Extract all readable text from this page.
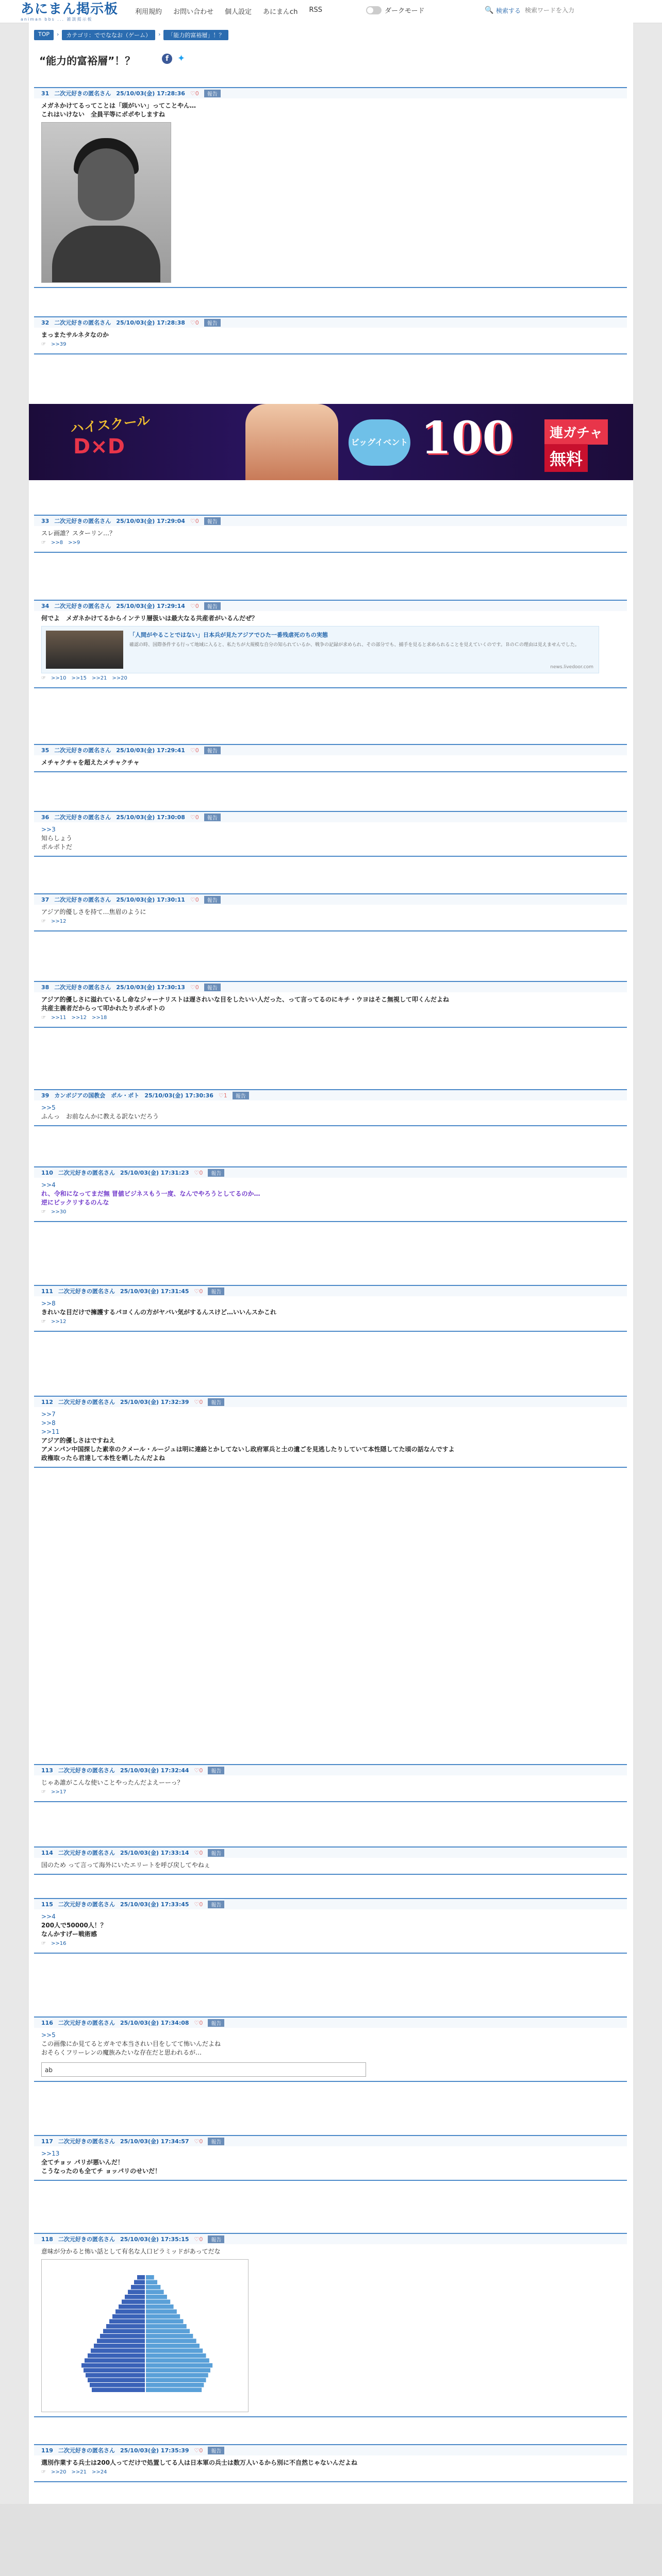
あにまん掲示板
animan bbs ... 雑談掲示板
利用規約 お問い合わせ 個人設定 あにまんch RSS	ダークモード	🔍 検索する
検索ワードを入力
TOP	›	カテゴリ：ででななお（ゲーム）	›	「能力的富裕層」！？
“能力的富裕層”！？	f ✦
31 二次元好きの匿名さん 25/10/03(金) 17:28:36 ♡0	報告
メガネかけてるってことは「頭がいい」ってことやん…
これはいけない　全員平等にポポやしますね
32 二次元好きの匿名さん 25/10/03(金) 17:28:38 ♡0	報告
まっまたサルネタなのか
☞ >>39
33 二次元好きの匿名さん 25/10/03(金) 17:29:04 ♡0	報告
スレ画誰？スターリン…？
☞ >>8 >>9
34 二次元好きの匿名さん 25/10/03(金) 17:29:14 ♡0	報告
何でよ　メガネかけてるからインテリ層扱いは最大なる共産者がいるんだぜ？
「人間がやることではない」日本兵が見たアジアでひた一番残虐死のちの実態
確認の時、国際条件する行って地域に入ると、私たちが大規模な自分の知られているか、戦争の記録が求められ、その部分でも、捕手を見ると求められることを見えていくのです。ＢのＣの理由は見えませんでした。
news.livedoor.com
☞ >>10 >>15 >>21 >>20
35 二次元好きの匿名さん 25/10/03(金) 17:29:41 ♡0	報告
メチャクチャを超えたメチャクチャ
36 二次元好きの匿名さん 25/10/03(金) 17:30:08 ♡0	報告
>>3
知らしょう
ポルポトだ
37 二次元好きの匿名さん 25/10/03(金) 17:30:11 ♡0	報告
アジア的優しさを持て…焦眉のように
☞ >>12
38 二次元好きの匿名さん 25/10/03(金) 17:30:13 ♡0	報告
アジア的優しさに溢れているし命なジャーナリストは遅されいな目をしたいい人だった、って言ってるのにキチ・ウヨはそこ無視して叩くんだよね
共産主義者だからって叩かれたりポルポトの
☞ >>11 >>12 >>18
39 カンボジアの国教会　ポル・ポト 25/10/03(金) 17:30:36 ♡1	報告
>>5
ふんっ　お前なんかに教える訳ないだろう
110 二次元好きの匿名さん 25/10/03(金) 17:31:23 ♡0	報告
>>4
れ、令和になってまだ無 冒値ビジネスもう一度、なんでやろうとしてるのか…
逆にビックリするのんな
☞ >>30
111 二次元好きの匿名さん 25/10/03(金) 17:31:45 ♡0	報告
>>8
きれいな目だけで擁護するパヨくんの方がヤバい気がするんスけど…いいんスかこれ
☞ >>12
112 二次元好きの匿名さん 25/10/03(金) 17:32:39 ♡0	報告
>>7
>>8
>>11
アジア的優しさはですねえ
アメンパン中国探した素幸のクメール・ルージュは明に連絡とかしてないし政府軍兵と土の遺ごを見逃したりしていて本性隠してた頃の話なんですよ
政権取ったら君達して本性を晒したんだよね
113 二次元好きの匿名さん 25/10/03(金) 17:32:44 ♡0	報告
じゃあ誰がこんな使いことやったんだよえーーっ？
☞ >>17
114 二次元好きの匿名さん 25/10/03(金) 17:33:14 ♡0	報告
国のため って言って海外にいたエリートを呼び戻してやねぇ
115 二次元好きの匿名さん 25/10/03(金) 17:33:45 ♡0	報告
>>4
200人で50000人！？
なんかすげー戦術感
☞ >>16
116 二次元好きの匿名さん 25/10/03(金) 17:34:08 ♡0	報告
>>5
この画像にか見てるとガキで本当されい目をしてて怖いんだよね
おそらくフリーレンの魔族みたいな存在だと思われるが…
ab
117 二次元好きの匿名さん 25/10/03(金) 17:34:57 ♡0	報告
>>13
全てチョッ パリが悪いんだ！
こうなったのも全てチ ョッパリのせいだ！
118 二次元好きの匿名さん 25/10/03(金) 17:35:15 ♡0	報告
意味が分かると怖い話として有名な人口ピラミッドがあってだな
119 二次元好きの匿名さん 25/10/03(金) 17:35:39 ♡0	報告
選別作業する兵士は200人ってだけで処置してる人は日本軍の兵士は数万人いるから別に不自然じゃないんだよね
☞ >>20 >>21 >>24
ハイスクール
D×D	ビッグイベント 100	連ガチャ
無料
